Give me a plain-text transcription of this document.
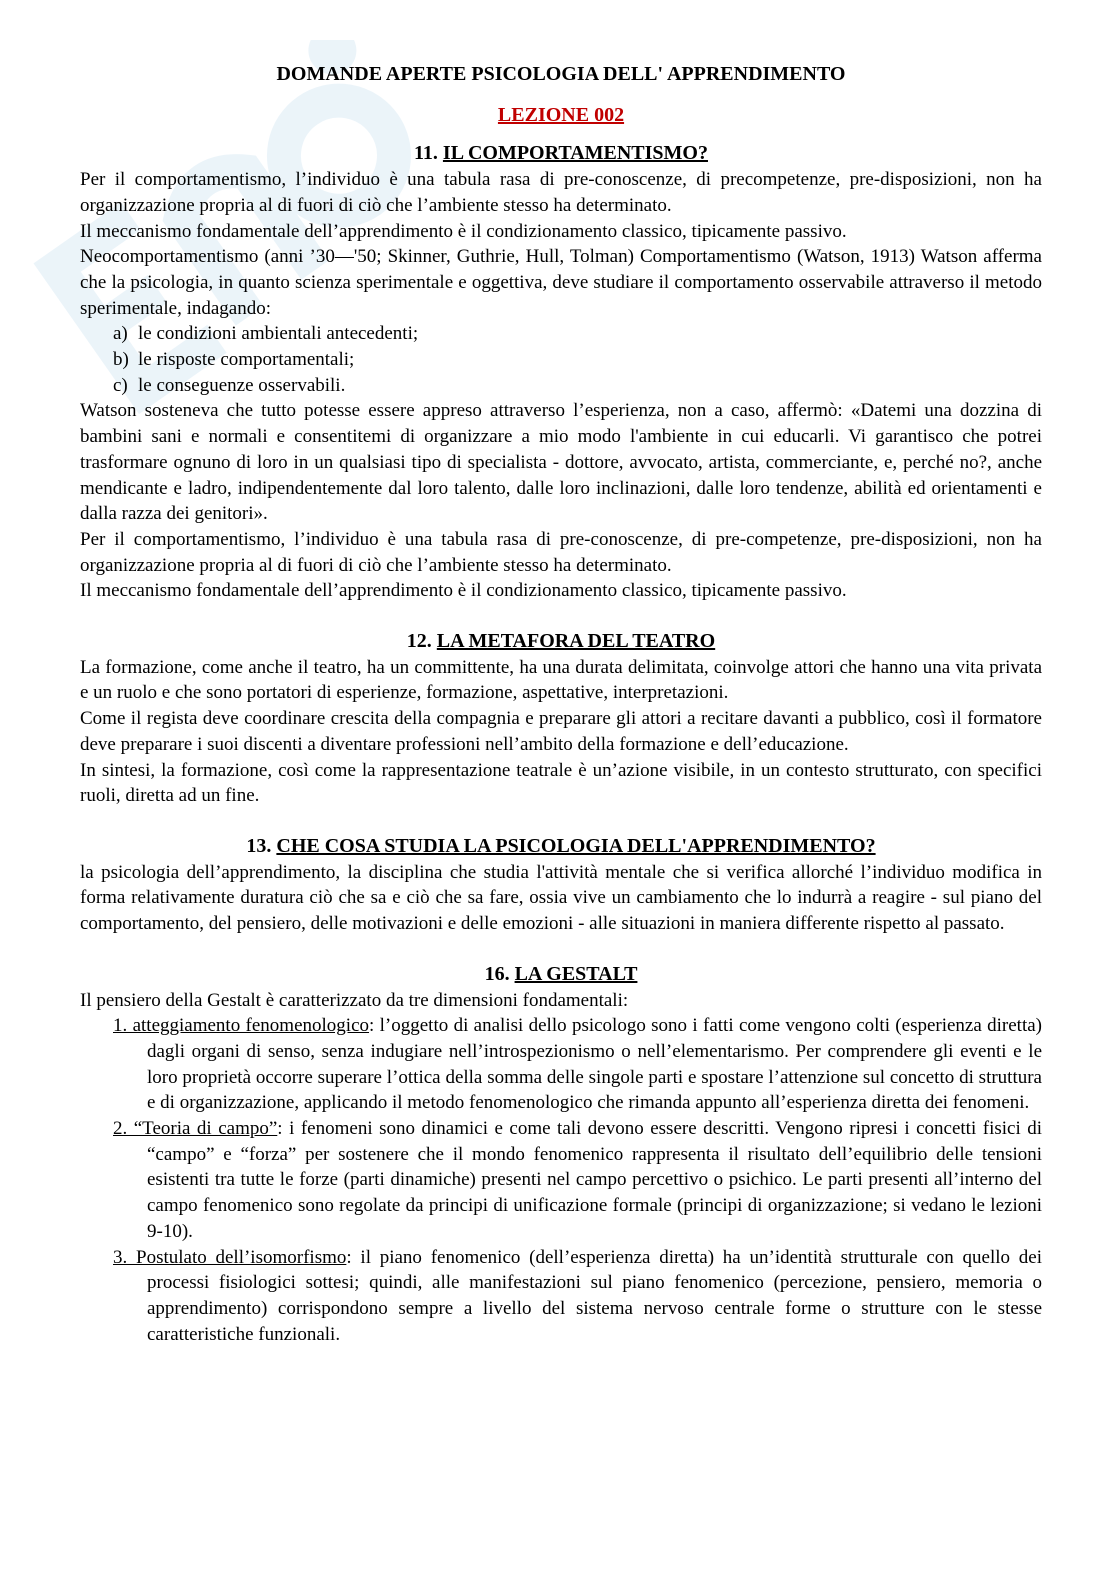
DOMANDE APERTE PSICOLOGIA DELL' APPRENDIMENTO

LEZIONE 002

11. IL COMPORTAMENTISMO?

Per il comportamentismo, l’individuo è una tabula rasa di pre-conoscenze, di precompetenze, pre-disposizioni, non ha organizzazione propria al di fuori di ciò che l’ambiente stesso ha determinato.

Il meccanismo fondamentale dell’apprendimento è il condizionamento classico, tipicamente passivo.

Neocomportamentismo (anni ’30—'50; Skinner, Guthrie, Hull, Tolman) Comportamentismo (Watson, 1913) Watson afferma che la psicologia, in quanto scienza sperimentale e oggettiva, deve studiare il comportamento osservabile attraverso il metodo sperimentale, indagando:

a) le condizioni ambientali antecedenti;
b) le risposte comportamentali;
c) le conseguenze osservabili.

Watson sosteneva che tutto potesse essere appreso attraverso l’esperienza, non a caso, affermò: «Datemi una dozzina di bambini sani e normali e consentitemi di organizzare a mio modo l'ambiente in cui educarli. Vi garantisco che potrei trasformare ognuno di loro in un qualsiasi tipo di specialista - dottore, avvocato, artista, commerciante, e, perché no?, anche mendicante e ladro, indipendentemente dal loro talento, dalle loro inclinazioni, dalle loro tendenze, abilità ed orientamenti e dalla razza dei genitori».

Per il comportamentismo, l’individuo è una tabula rasa di pre-conoscenze, di pre-competenze, pre-disposizioni, non ha organizzazione propria al di fuori di ciò che l’ambiente stesso ha determinato.

Il meccanismo fondamentale dell’apprendimento è il condizionamento classico, tipicamente passivo.

12. LA METAFORA DEL TEATRO

La formazione, come anche il teatro, ha un committente, ha una durata delimitata, coinvolge attori che hanno una vita privata e un ruolo e che sono portatori di esperienze, formazione, aspettative, interpretazioni.

Come il regista deve coordinare crescita della compagnia e preparare gli attori a recitare davanti a pubblico, così il formatore deve preparare i suoi discenti a diventare professioni nell’ambito della formazione e dell’educazione.

In sintesi, la formazione, così come la rappresentazione teatrale è un’azione visibile, in un contesto strutturato, con specifici ruoli, diretta ad un fine.

13. CHE COSA STUDIA LA PSICOLOGIA DELL'APPRENDIMENTO?

la psicologia dell’apprendimento, la disciplina che studia l'attività mentale che si verifica allorché l’individuo modifica in forma relativamente duratura ciò che sa e ciò che sa fare, ossia vive un cambiamento che lo indurrà a reagire - sul piano del comportamento, del pensiero, delle motivazioni e delle emozioni - alle situazioni in maniera differente rispetto al passato.

16. LA GESTALT

Il pensiero della Gestalt è caratterizzato da tre dimensioni fondamentali:

1. atteggiamento fenomenologico: l’oggetto di analisi dello psicologo sono i fatti come vengono colti (esperienza diretta) dagli organi di senso, senza indugiare nell’introspezionismo o nell’elementarismo. Per comprendere gli eventi e le loro proprietà occorre superare l’ottica della somma delle singole parti e spostare l’attenzione sul concetto di struttura e di organizzazione, applicando il metodo fenomenologico che rimanda appunto all’esperienza diretta dei fenomeni.
2. “Teoria di campo”: i fenomeni sono dinamici e come tali devono essere descritti. Vengono ripresi i concetti fisici di “campo” e “forza” per sostenere che il mondo fenomenico rappresenta il risultato dell’equilibrio delle tensioni esistenti tra tutte le forze (parti dinamiche) presenti nel campo percettivo o psichico. Le parti presenti all’interno del campo fenomenico sono regolate da principi di unificazione formale (principi di organizzazione; si vedano le lezioni 9-10).
3. Postulato dell’isomorfismo: il piano fenomenico (dell’esperienza diretta) ha un’identità strutturale con quello dei processi fisiologici sottesi; quindi, alle manifestazioni sul piano fenomenico (percezione, pensiero, memoria o apprendimento) corrispondono sempre a livello del sistema nervoso centrale forme o strutture con le stesse caratteristiche funzionali.
